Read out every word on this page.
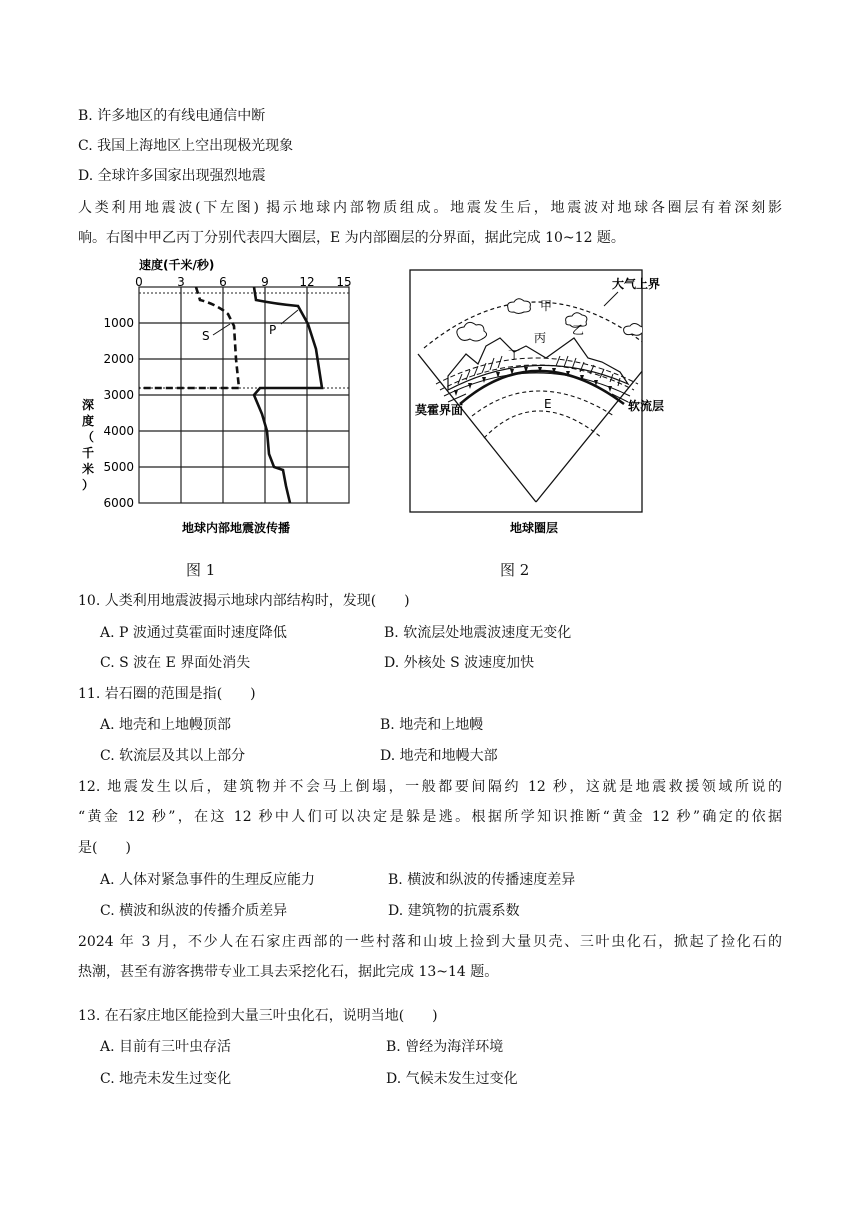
B. 许多地区的有线电通信中断
C. 我国上海地区上空出现极光现象
D. 全球许多国家出现强烈地震
人类利用地震波(下左图) 揭示地球内部物质组成。地震发生后，地震波对地球各圈层有着深刻影
响。右图中甲乙丙丁分别代表四大圈层，E 为内部圈层的分界面，据此完成 10~12 题。
速度(千米/秒)
0	3	6	9	12 15
1000
2000
3000
4000
5000
6000
深
度
（
千
米
）
S	P
地球内部地震波传播
图 1
大气上界
甲
乙
丙
丁
E
莫霍界面	软流层
地球圈层
图 2
10. 人类利用地震波揭示地球内部结构时，发现(　　)
A. P 波通过莫霍面时速度降低	B. 软流层处地震波速度无变化
C. S 波在 E 界面处消失	D. 外核处 S 波速度加快
11. 岩石圈的范围是指(　　)
A. 地壳和上地幔顶部	B. 地壳和上地幔
C. 软流层及其以上部分	D. 地壳和地幔大部
12. 地震发生以后，建筑物并不会马上倒塌，一般都要间隔约 12 秒，这就是地震救援领域所说的
“黄金 12 秒”，在这 12 秒中人们可以决定是躲是逃。根据所学知识推断“黄金 12 秒”确定的依据
是(　　)
A. 人体对紧急事件的生理反应能力	B. 横波和纵波的传播速度差异
C. 横波和纵波的传播介质差异	D. 建筑物的抗震系数
2024 年 3 月，不少人在石家庄西部的一些村落和山坡上捡到大量贝壳、三叶虫化石，掀起了捡化石的
热潮，甚至有游客携带专业工具去采挖化石，据此完成 13~14 题。
13. 在石家庄地区能捡到大量三叶虫化石，说明当地(　　)
A. 目前有三叶虫存活	B. 曾经为海洋环境
C. 地壳未发生过变化	D. 气候未发生过变化
